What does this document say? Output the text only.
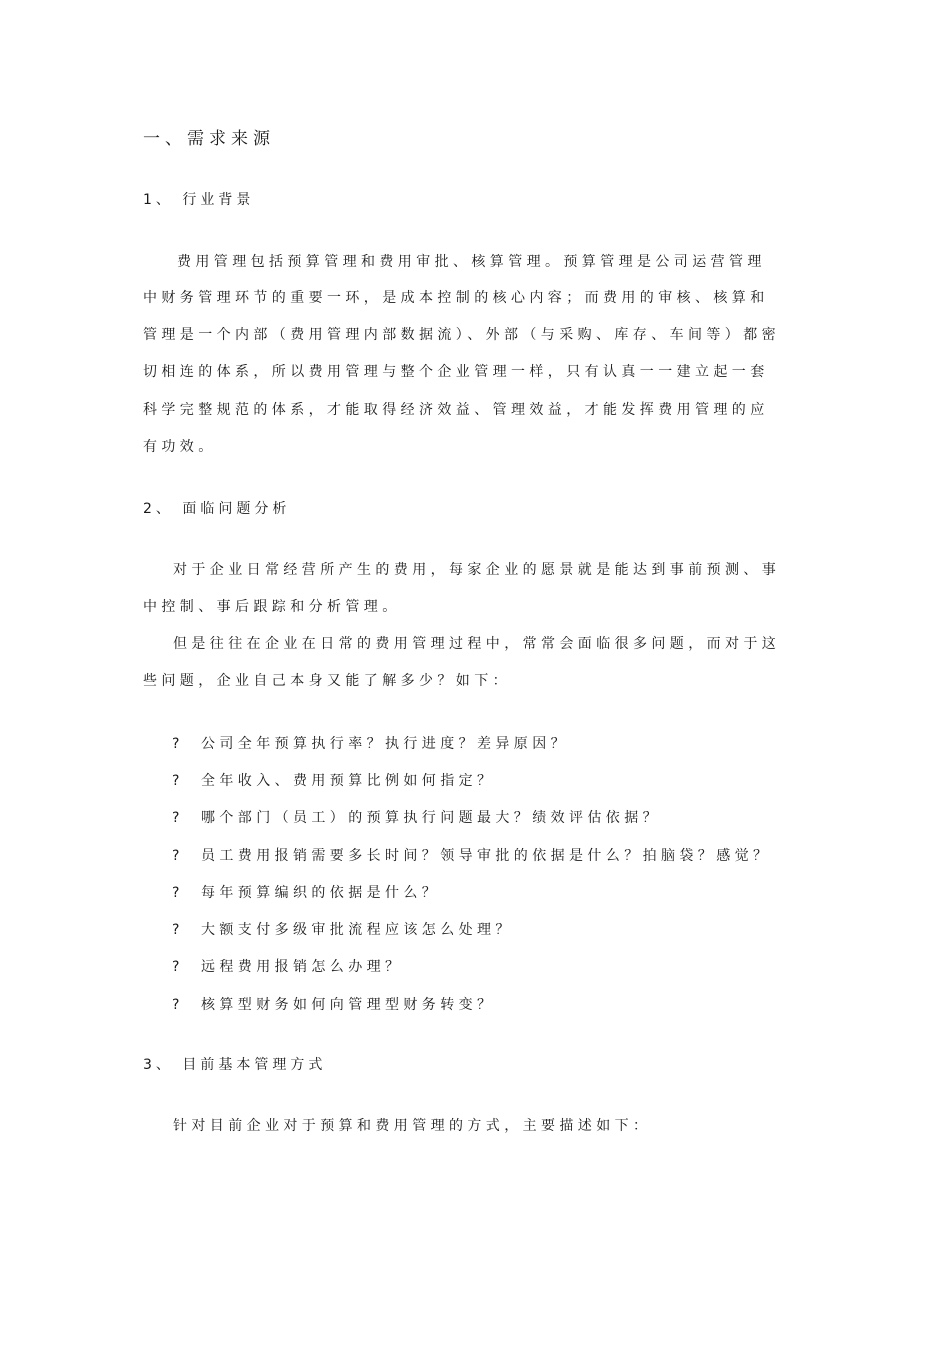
一、需求来源
1、 行业背景
费用管理包括预算管理和费用审批、核算管理。预算管理是公司运营管理
中财务管理环节的重要一环，是成本控制的核心内容；而费用的审核、核算和
管理是一个内部（费用管理内部数据流）、外部（与采购、库存、车间等）都密
切相连的体系，所以费用管理与整个企业管理一样，只有认真一一建立起一套
科学完整规范的体系，才能取得经济效益、管理效益，才能发挥费用管理的应
有功效。
2、 面临问题分析
对于企业日常经营所产生的费用，每家企业的愿景就是能达到事前预测、事
中控制、事后跟踪和分析管理。
但是往往在企业在日常的费用管理过程中，常常会面临很多问题，而对于这
些问题，企业自己本身又能了解多少？如下：
? 公司全年预算执行率？执行进度？差异原因？
? 全年收入、费用预算比例如何指定？
? 哪个部门（员工）的预算执行问题最大？绩效评估依据？
? 员工费用报销需要多长时间？领导审批的依据是什么？拍脑袋？感觉？
? 每年预算编织的依据是什么？
? 大额支付多级审批流程应该怎么处理？
? 远程费用报销怎么办理？
? 核算型财务如何向管理型财务转变？
3、 目前基本管理方式
针对目前企业对于预算和费用管理的方式，主要描述如下：
